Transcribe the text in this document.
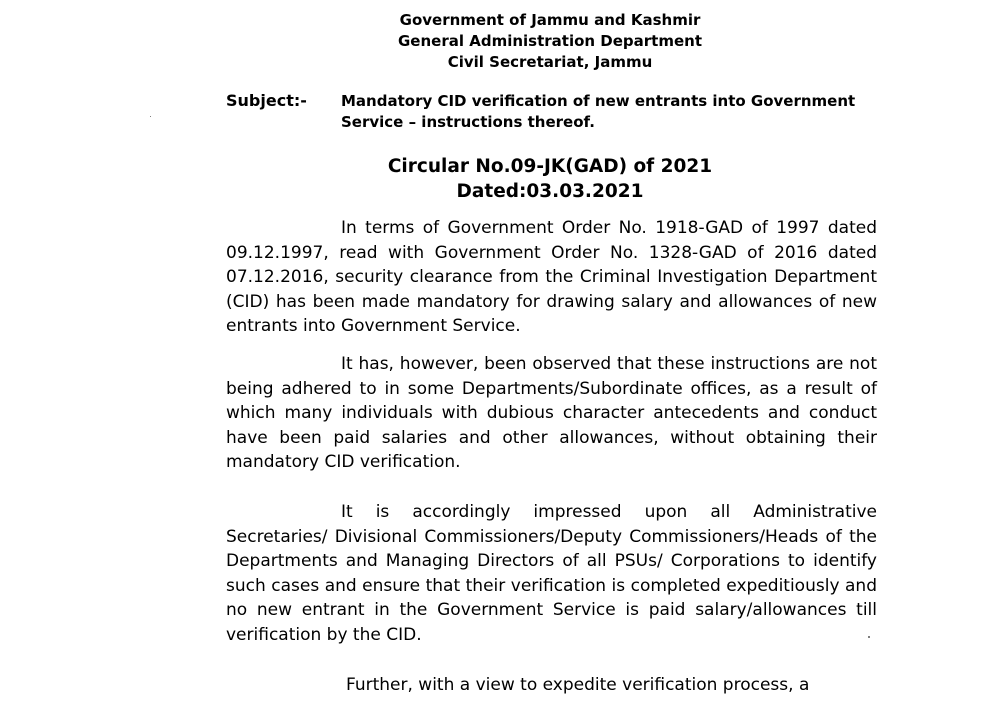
Government of Jammu and Kashmir
General Administration Department
Civil Secretariat, Jammu
Subject:- Mandatory CID verification of new entrants into Government Service – instructions thereof.
Circular No.09-JK(GAD) of 2021
Dated:03.03.2021

In terms of Government Order No. 1918-GAD of 1997 dated 09.12.1997, read with Government Order No. 1328-GAD of 2016 dated 07.12.2016, security clearance from the Criminal Investigation Department (CID) has been made mandatory for drawing salary and allowances of new entrants into Government Service.

It has, however, been observed that these instructions are not being adhered to in some Departments/Subordinate offices, as a result of which many individuals with dubious character antecedents and conduct have been paid salaries and other allowances, without obtaining their mandatory CID verification.

It is accordingly impressed upon all Administrative Secretaries/ Divisional Commissioners/Deputy Commissioners/Heads of the Departments and Managing Directors of all PSUs/ Corporations to identify such cases and ensure that their verification is completed expeditiously and no new entrant in the Government Service is paid salary/allowances till verification by the CID.

Further, with a view to expedite verification process, a
